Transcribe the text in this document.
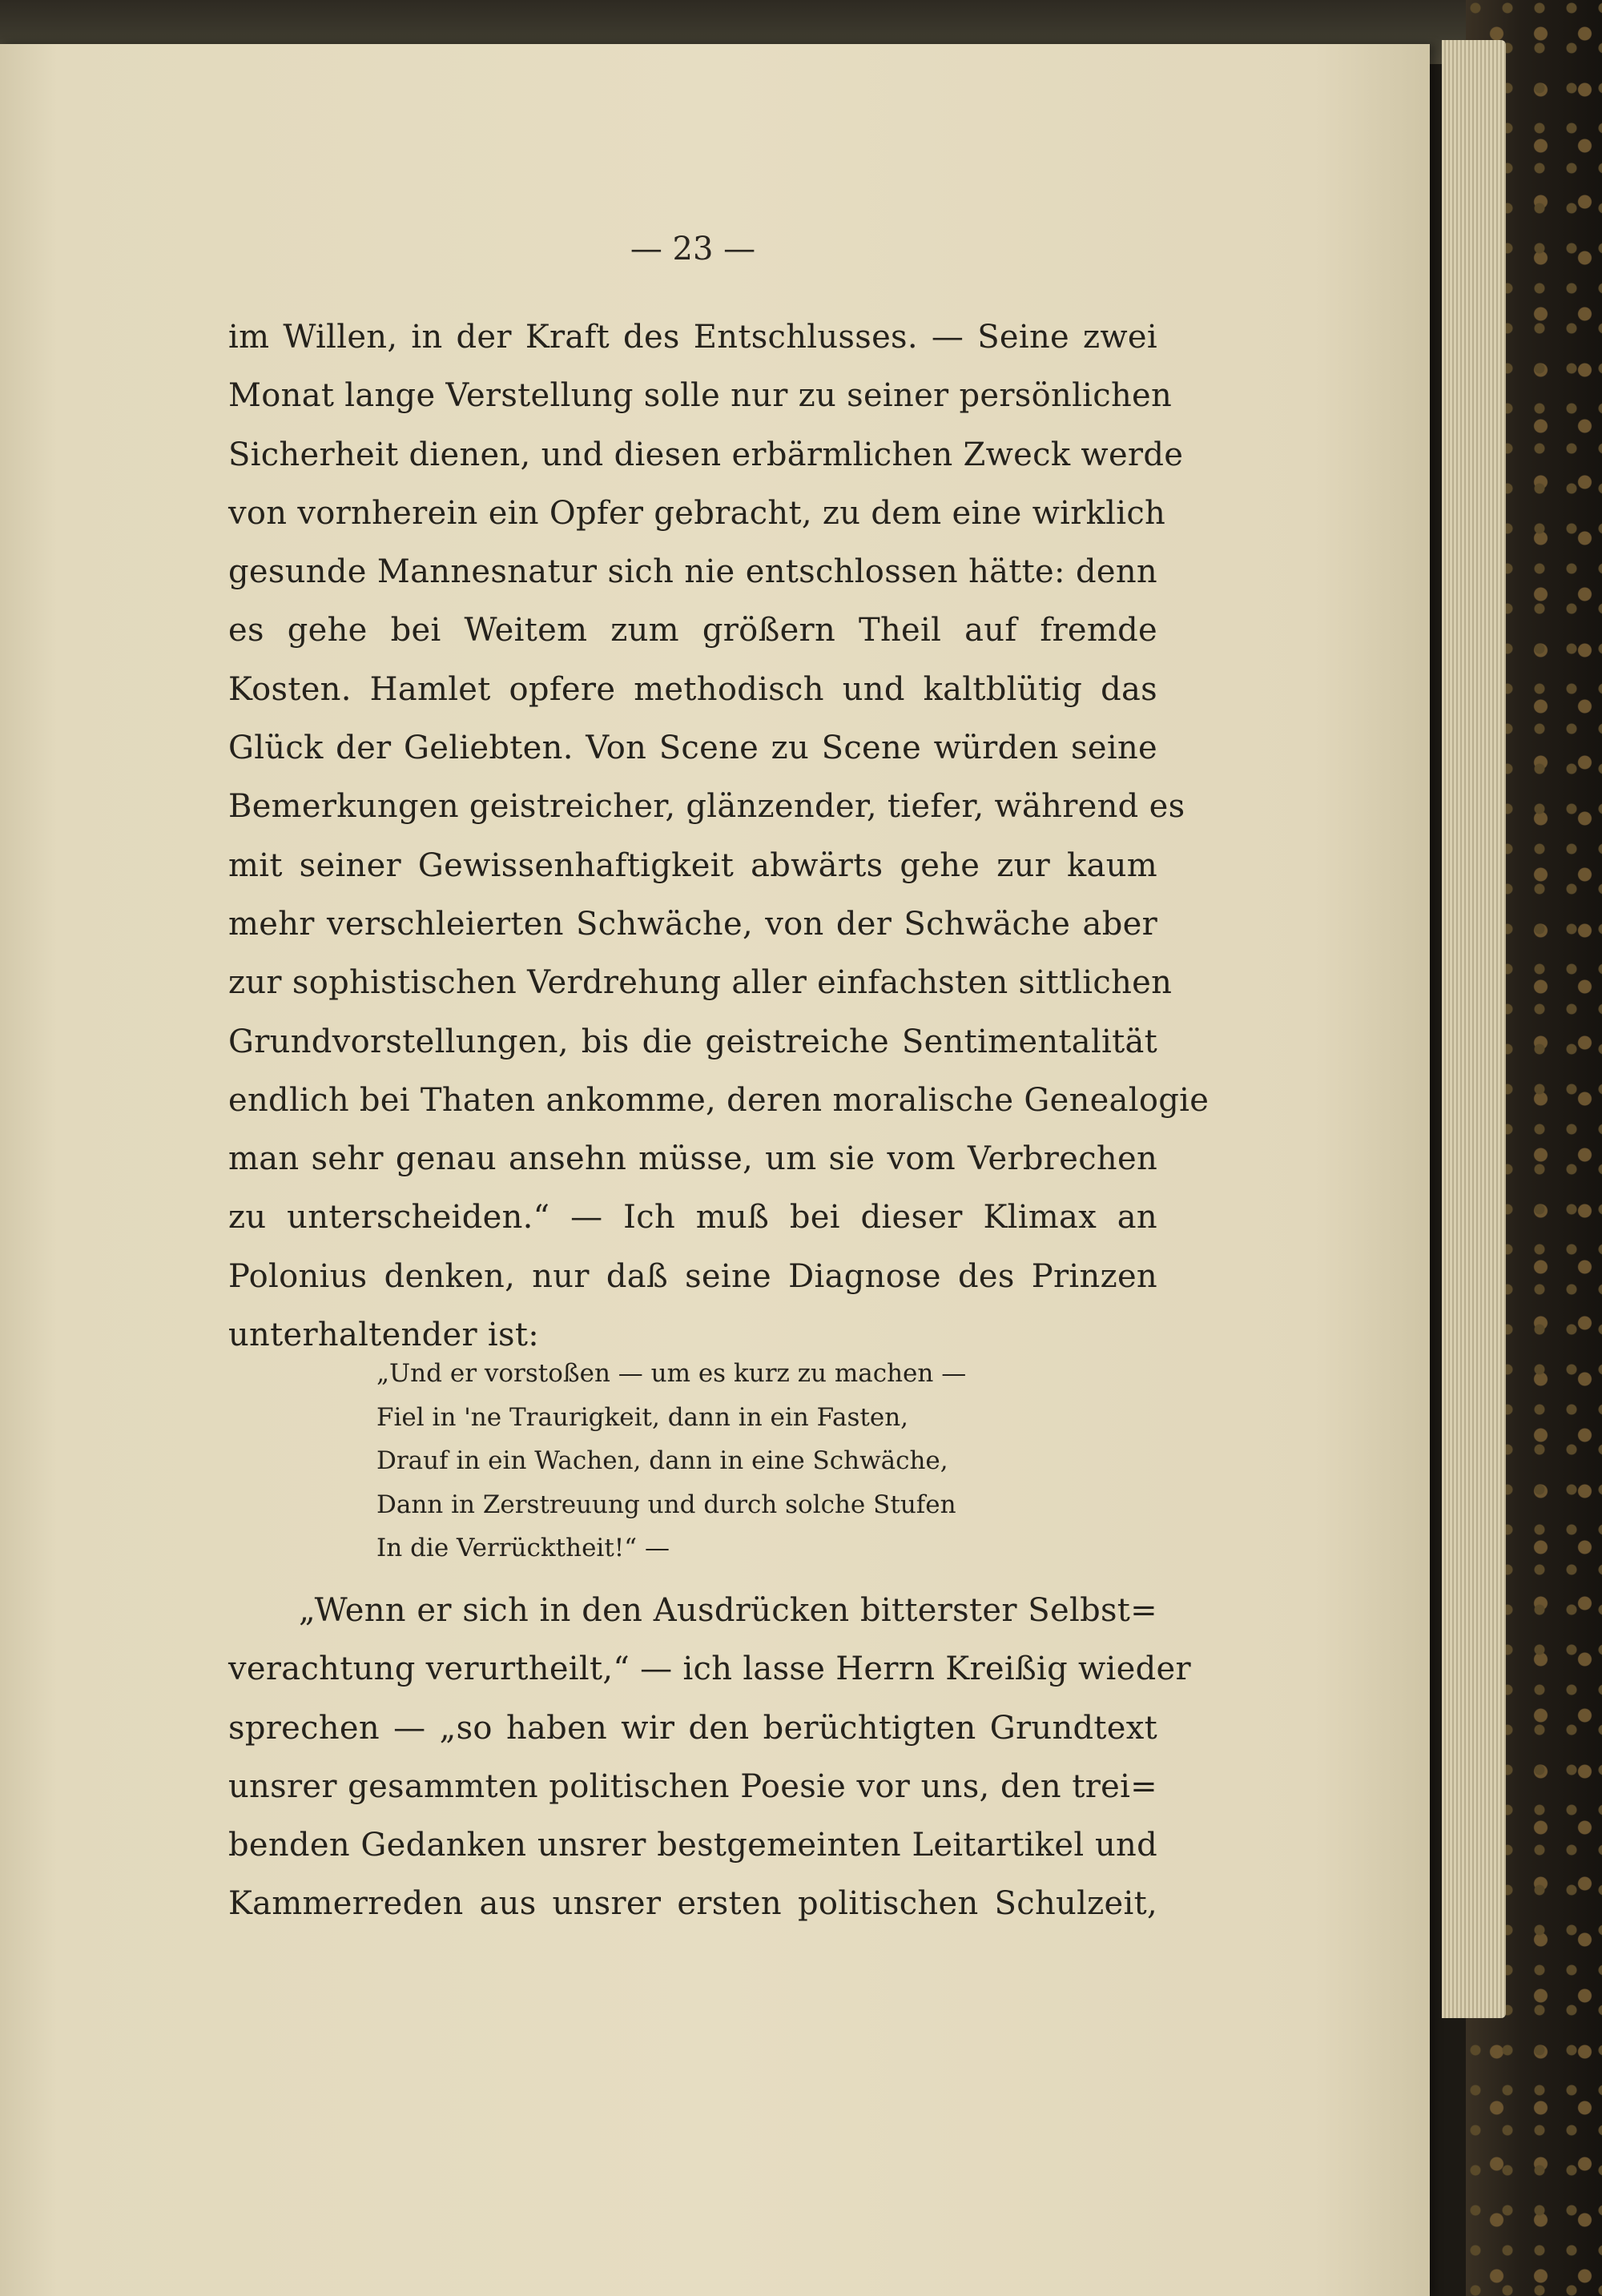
— 23 —
im Willen, in der Kraft des Entschlusses. — Seine zwei
Monat lange Verstellung solle nur zu seiner persönlichen
Sicherheit dienen, und diesen erbärmlichen Zweck werde
von vornherein ein Opfer gebracht, zu dem eine wirklich
gesunde Mannesnatur sich nie entschlossen hätte: denn
es gehe bei Weitem zum größern Theil auf fremde
Kosten. Hamlet opfere methodisch und kaltblütig das
Glück der Geliebten. Von Scene zu Scene würden seine
Bemerkungen geistreicher, glänzender, tiefer, während es
mit seiner Gewissenhaftigkeit abwärts gehe zur kaum
mehr verschleierten Schwäche, von der Schwäche aber
zur sophistischen Verdrehung aller einfachsten sittlichen
Grundvorstellungen, bis die geistreiche Sentimentalität
endlich bei Thaten ankomme, deren moralische Genealogie
man sehr genau ansehn müsse, um sie vom Verbrechen
zu unterscheiden.“ — Ich muß bei dieser Klimax an
Polonius denken, nur daß seine Diagnose des Prinzen
unterhaltender ist:
„Und er vorstoßen — um es kurz zu machen —
Fiel in 'ne Traurigkeit, dann in ein Fasten,
Drauf in ein Wachen, dann in eine Schwäche,
Dann in Zerstreuung und durch solche Stufen
In die Verrücktheit!“ —
„Wenn er sich in den Ausdrücken bitterster Selbst=
verachtung verurtheilt,“ — ich lasse Herrn Kreißig wieder
sprechen — „so haben wir den berüchtigten Grundtext
unsrer gesammten politischen Poesie vor uns, den trei=
benden Gedanken unsrer bestgemeinten Leitartikel und
Kammerreden aus unsrer ersten politischen Schulzeit,
